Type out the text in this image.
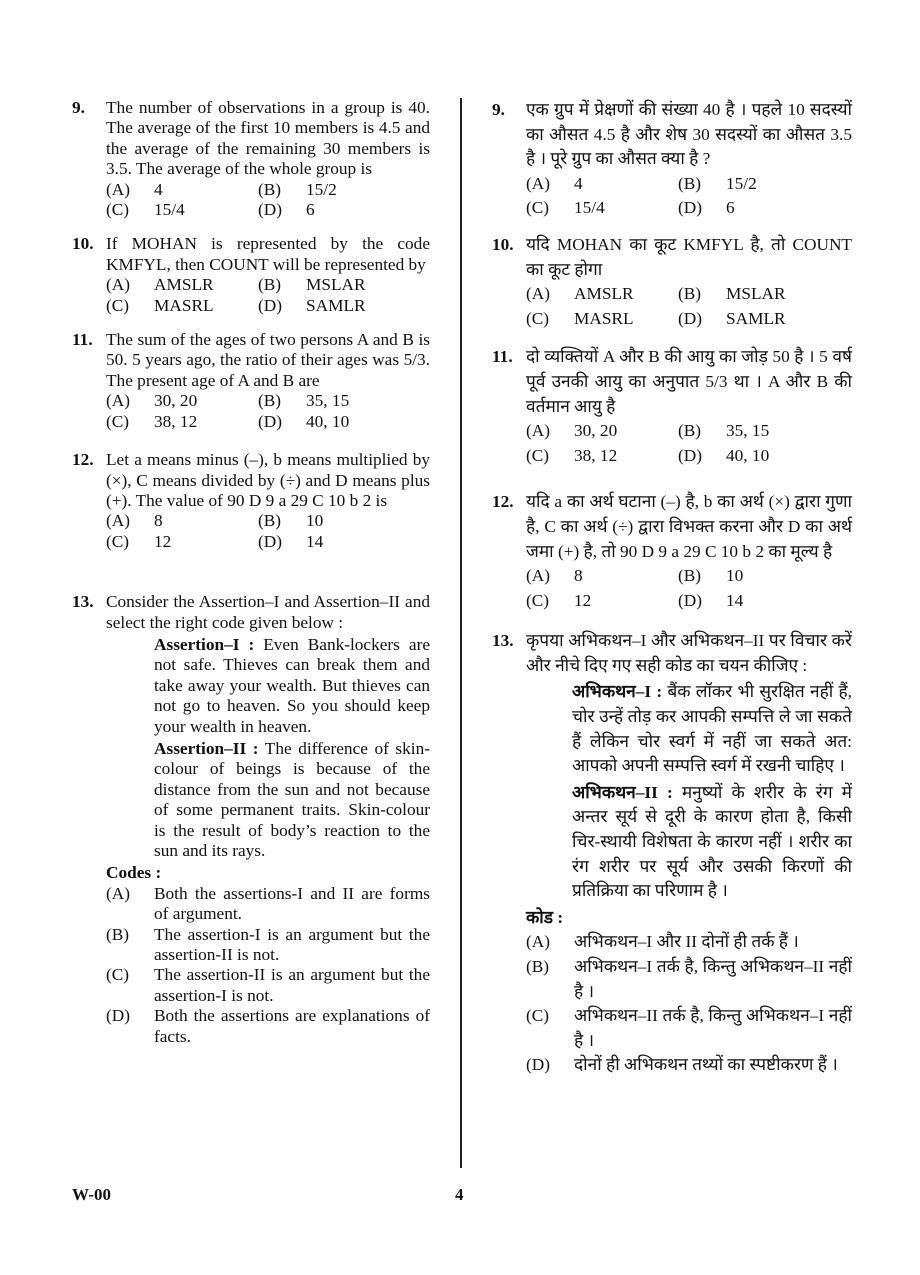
9. The number of observations in a group is 40. The average of the first 10 members is 4.5 and the average of the remaining 30 members is 3.5. The average of the whole group is
(A)	4	(B)	15/2
(C)	15/4	(D)	6
10. If MOHAN is represented by the code KMFYL, then COUNT will be represented by
(A)	AMSLR	(B)	MSLAR
(C)	MASRL	(D)	SAMLR
11. The sum of the ages of two persons A and B is 50. 5 years ago, the ratio of their ages was 5/3. The present age of A and B are
(A)	30, 20	(B)	35, 15
(C)	38, 12	(D)	40, 10
12. Let a means minus (–), b means multiplied by (×), C means divided by (÷) and D means plus (+). The value of 90 D 9 a 29 C 10 b 2 is
(A)	8	(B)	10
(C)	12	(D)	14
13. Consider the Assertion–I and Assertion–II and select the right code given below :
Assertion–I : Even Bank-lockers are not safe. Thieves can break them and take away your wealth. But thieves can not go to heaven. So you should keep your wealth in heaven.
Assertion–II : The difference of skin-colour of beings is because of the distance from the sun and not because of some permanent traits. Skin-colour is the result of body’s reaction to the sun and its rays.
Codes :
(A)	Both the assertions-I and II are forms of argument.
(B)	The assertion-I is an argument but the assertion-II is not.
(C)	The assertion-II is an argument but the assertion-I is not.
(D)	Both the assertions are explanations of facts.
9. एक ग्रुप में प्रेक्षणों की संख्या 40 है । पहले 10 सदस्यों का औसत 4.5 है और शेष 30 सदस्यों का औसत 3.5 है । पूरे ग्रुप का औसत क्या है ?
(A)	4	(B)	15/2
(C)	15/4	(D)	6
10. यदि MOHAN का कूट KMFYL है, तो COUNT का कूट होगा
(A)	AMSLR	(B)	MSLAR
(C)	MASRL	(D)	SAMLR
11. दो व्यक्तियों A और B की आयु का जोड़ 50 है । 5 वर्ष पूर्व उनकी आयु का अनुपात 5/3 था । A और B की वर्तमान आयु है
(A)	30, 20	(B)	35, 15
(C)	38, 12	(D)	40, 10
12. यदि a का अर्थ घटाना (–) है, b का अर्थ (×) द्वारा गुणा है, C का अर्थ (÷) द्वारा विभक्त करना और D का अर्थ जमा (+) है, तो 90 D 9 a 29 C 10 b 2 का मूल्य है
(A)	8	(B)	10
(C)	12	(D)	14
13. कृपया अभिकथन–I और अभिकथन–II पर विचार करें और नीचे दिए गए सही कोड का चयन कीजिए :
अभिकथन–I : बैंक लॉकर भी सुरक्षित नहीं हैं, चोर उन्हें तोड़ कर आपकी सम्पत्ति ले जा सकते हैं लेकिन चोर स्वर्ग में नहीं जा सकते अत: आपको अपनी सम्पत्ति स्वर्ग में रखनी चाहिए ।
अभिकथन–II : मनुष्यों के शरीर के रंग में अन्तर सूर्य से दूरी के कारण होता है, किसी चिर-स्थायी विशेषता के कारण नहीं । शरीर का रंग शरीर पर सूर्य और उसकी किरणों की प्रतिक्रिया का परिणाम है ।
कोड :
(A)	अभिकथन–I और II दोनों ही तर्क हैं ।
(B)	अभिकथन–I तर्क है, किन्तु अभिकथन–II नहीं है ।
(C)	अभिकथन–II तर्क है, किन्तु अभिकथन–I नहीं है ।
(D)	दोनों ही अभिकथन तथ्यों का स्पष्टीकरण हैं ।
W-00	4
